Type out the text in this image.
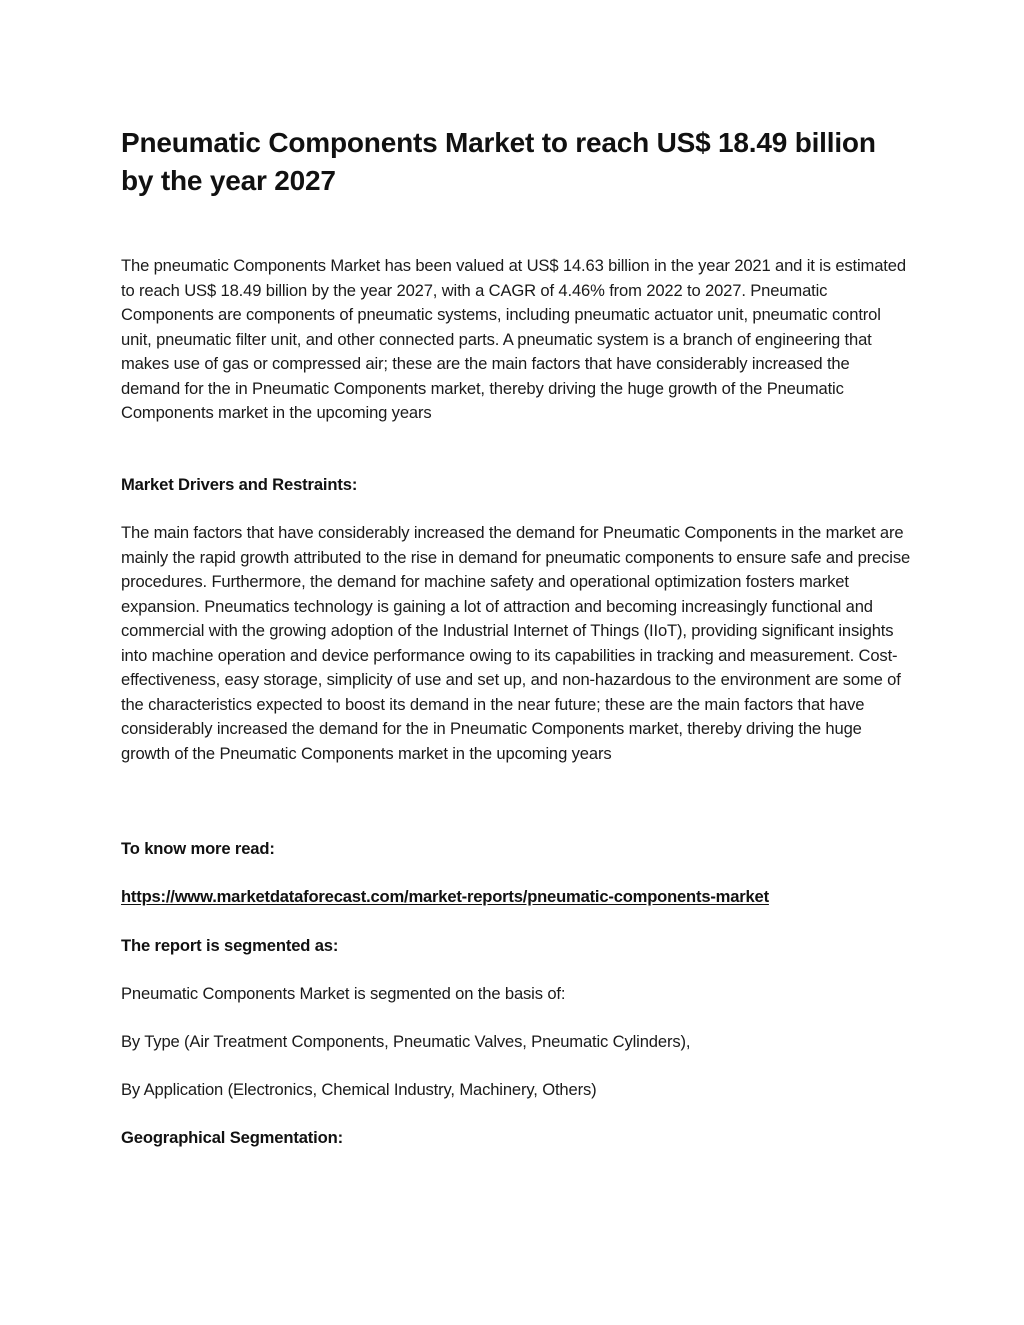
Pneumatic Components Market to reach US$ 18.49 billion by the year 2027

The pneumatic Components Market has been valued at US$ 14.63 billion in the year 2021 and it is estimated to reach US$ 18.49 billion by the year 2027, with a CAGR of 4.46% from 2022 to 2027. Pneumatic Components are components of pneumatic systems, including pneumatic actuator unit, pneumatic control unit, pneumatic filter unit, and other connected parts. A pneumatic system is a branch of engineering that makes use of gas or compressed air; these are the main factors that have considerably increased the demand for the in Pneumatic Components market, thereby driving the huge growth of the Pneumatic Components market in the upcoming years

Market Drivers and Restraints:

The main factors that have considerably increased the demand for Pneumatic Components in the market are mainly the rapid growth attributed to the rise in demand for pneumatic components to ensure safe and precise procedures. Furthermore, the demand for machine safety and operational optimization fosters market expansion. Pneumatics technology is gaining a lot of attraction and becoming increasingly functional and commercial with the growing adoption of the Industrial Internet of Things (IIoT), providing significant insights into machine operation and device performance owing to its capabilities in tracking and measurement. Cost-effectiveness, easy storage, simplicity of use and set up, and non-hazardous to the environment are some of the characteristics expected to boost its demand in the near future; these are the main factors that have considerably increased the demand for the in Pneumatic Components market, thereby driving the huge growth of the Pneumatic Components market in the upcoming years

To know more read:

https://www.marketdataforecast.com/market-reports/pneumatic-components-market

The report is segmented as:

Pneumatic Components Market is segmented on the basis of:

By Type (Air Treatment Components, Pneumatic Valves, Pneumatic Cylinders),

By Application (Electronics, Chemical Industry, Machinery, Others)

Geographical Segmentation:
